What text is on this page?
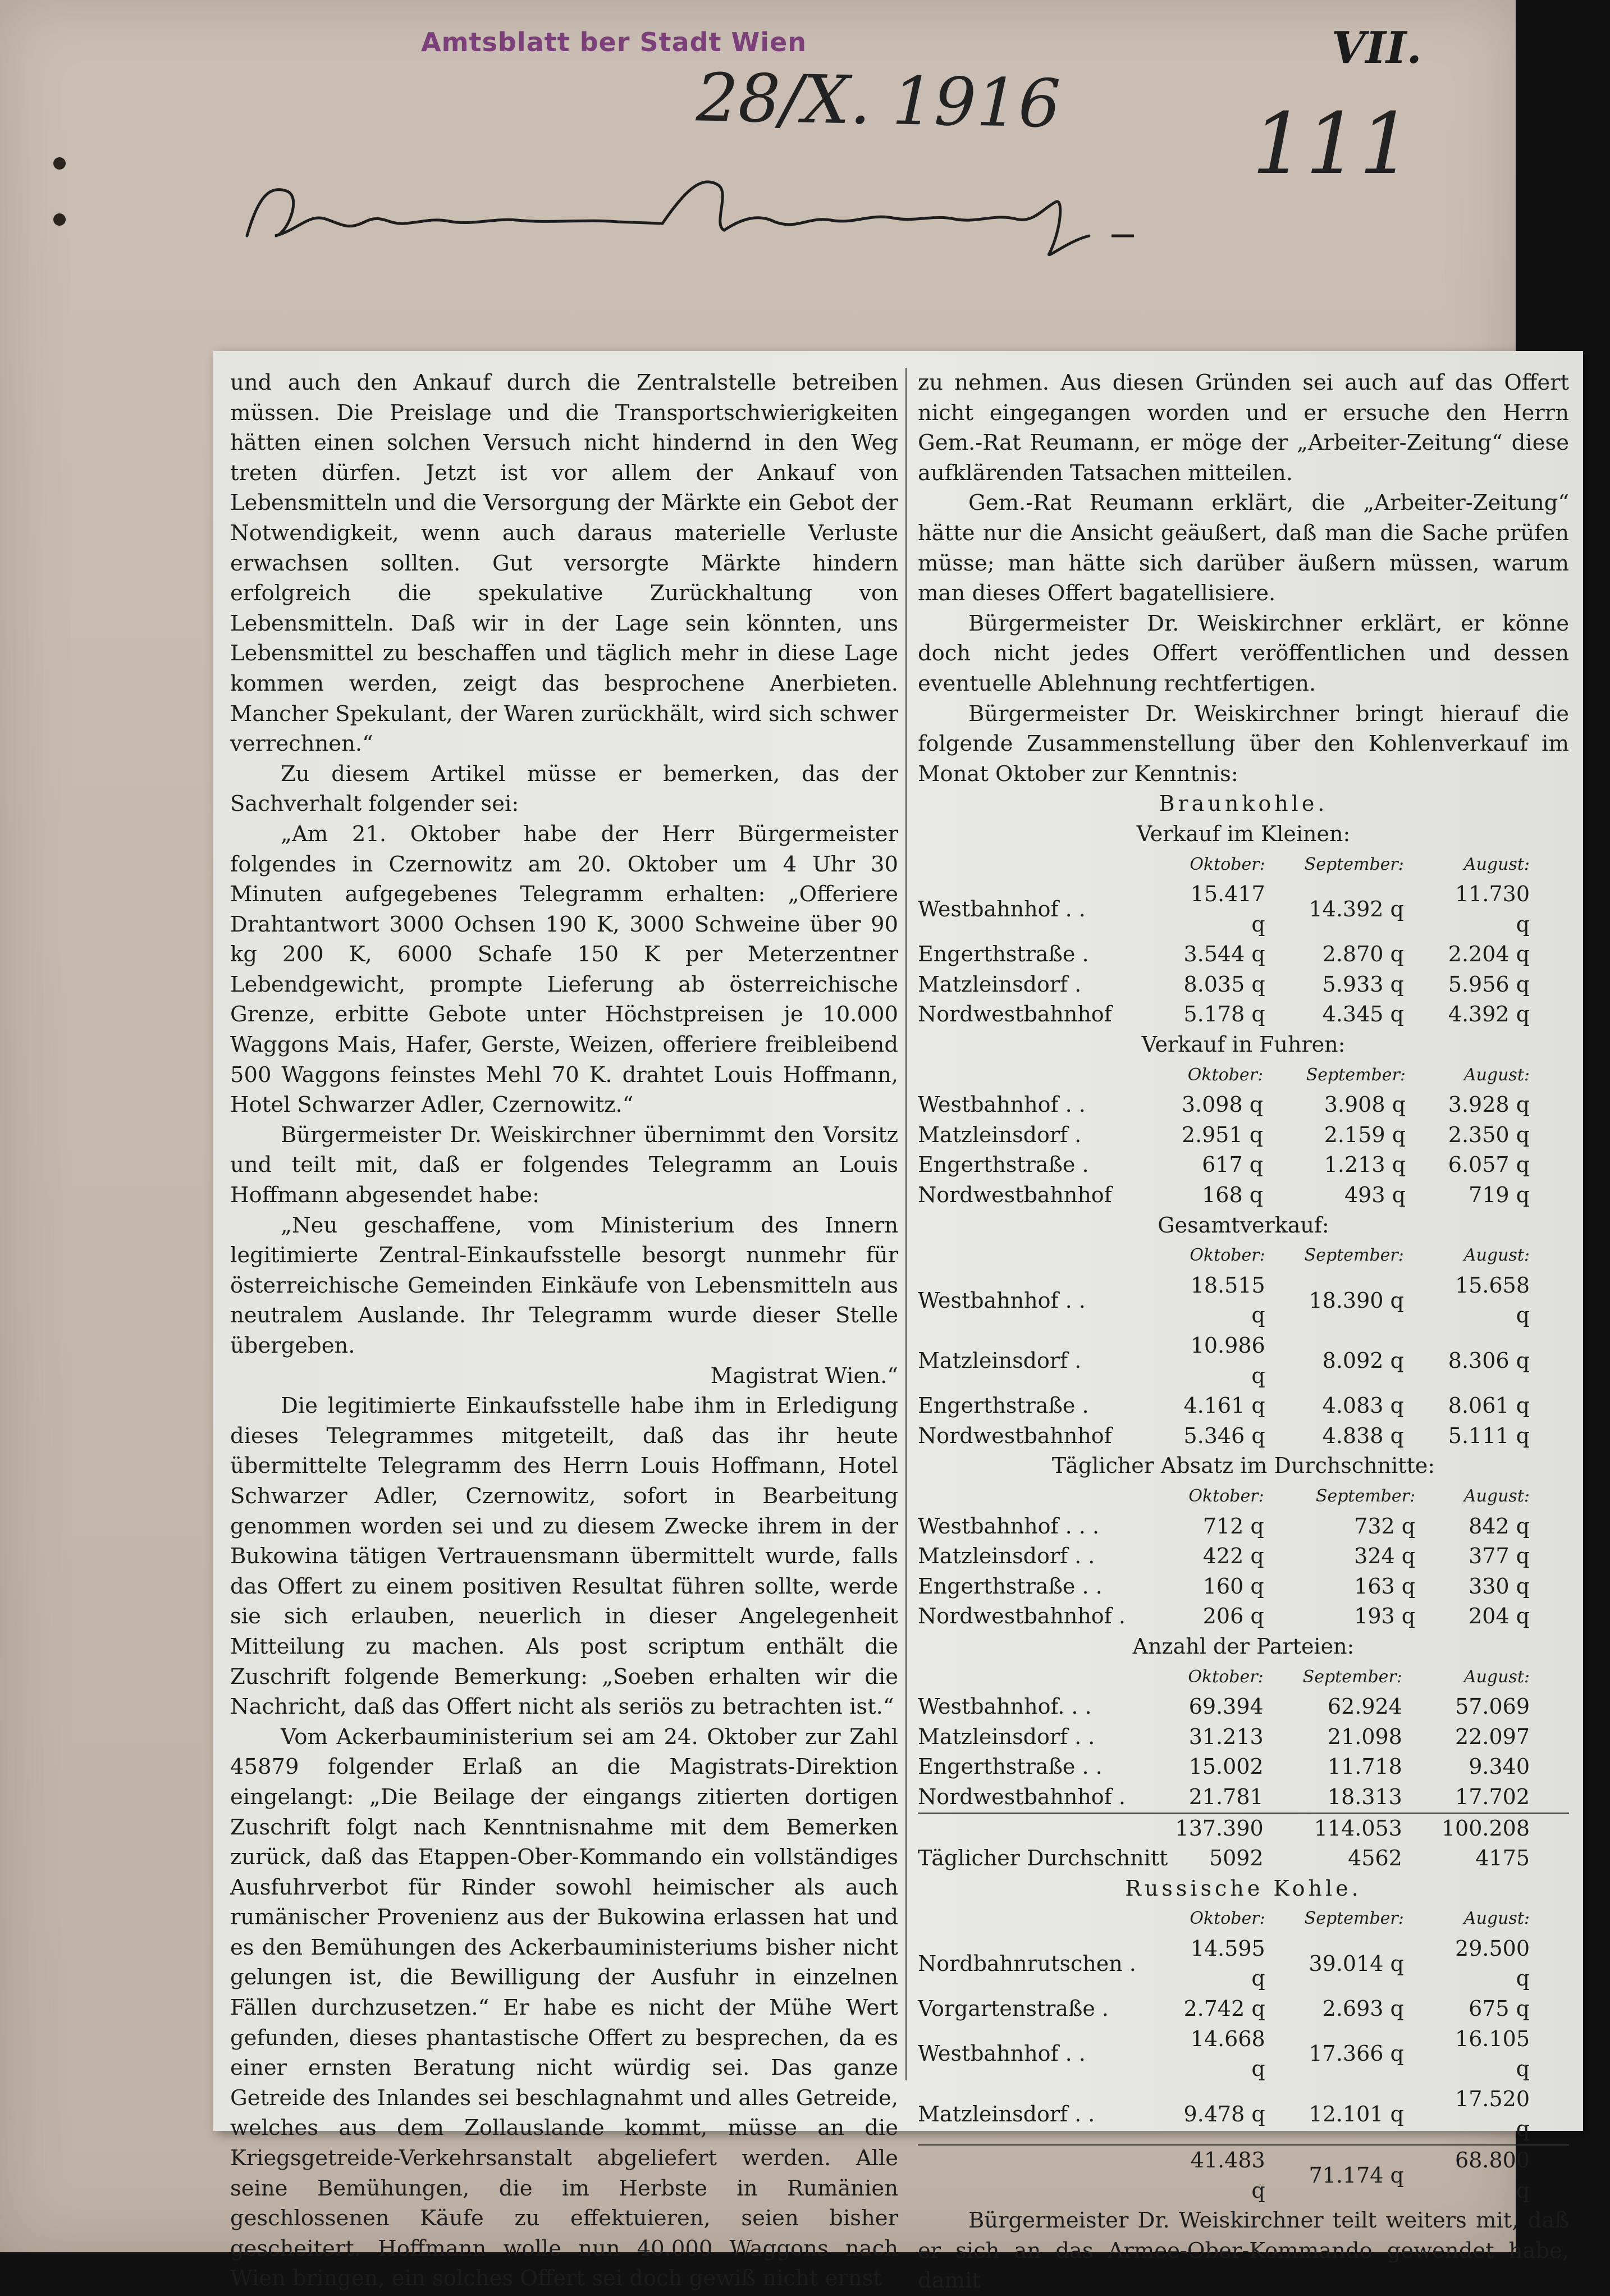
Amtsblatt ber Stadt Wien	VII.
28/X. 1916 111

und auch den Ankauf durch die Zentralstelle betreiben müssen. Die Preislage und die Transportschwierigkeiten hätten einen solchen Versuch nicht hindernd in den Weg treten dürfen. Jetzt ist vor allem der Ankauf von Lebensmitteln und die Versorgung der Märkte ein Gebot der Notwendigkeit, wenn auch daraus materielle Verluste erwachsen sollten. Gut versorgte Märkte hindern erfolgreich die spekulative Zurückhaltung von Lebensmitteln. Daß wir in der Lage sein könnten, uns Lebensmittel zu beschaffen und täglich mehr in diese Lage kommen werden, zeigt das besprochene Anerbieten. Mancher Spekulant, der Waren zurückhält, wird sich schwer verrechnen.“

Zu diesem Artikel müsse er bemerken, das der Sachverhalt folgender sei:

„Am 21. Oktober habe der Herr Bürgermeister folgendes in Czernowitz am 20. Oktober um 4 Uhr 30 Minuten aufgegebenes Telegramm erhalten: „Offeriere Drahtantwort 3000 Ochsen 190 K, 3000 Schweine über 90 kg 200 K, 6000 Schafe 150 K per Meterzentner Lebendgewicht, prompte Lieferung ab österreichische Grenze, erbitte Gebote unter Höchstpreisen je 10.000 Waggons Mais, Hafer, Gerste, Weizen, offeriere freibleibend 500 Waggons feinstes Mehl 70 K. drahtet Louis Hoffmann, Hotel Schwarzer Adler, Czernowitz.“

Bürgermeister Dr. Weiskirchner übernimmt den Vorsitz und teilt mit, daß er folgendes Telegramm an Louis Hoffmann abgesendet habe:

„Neu geschaffene, vom Ministerium des Innern legitimierte Zentral-Einkaufsstelle besorgt nunmehr für österreichische Gemeinden Einkäufe von Lebensmitteln aus neutralem Auslande. Ihr Telegramm wurde dieser Stelle übergeben.

Magistrat Wien.“

Die legitimierte Einkaufsstelle habe ihm in Erledigung dieses Telegrammes mitgeteilt, daß das ihr heute übermittelte Telegramm des Herrn Louis Hoffmann, Hotel Schwarzer Adler, Czernowitz, sofort in Bearbeitung genommen worden sei und zu diesem Zwecke ihrem in der Bukowina tätigen Vertrauensmann übermittelt wurde, falls das Offert zu einem positiven Resultat führen sollte, werde sie sich erlauben, neuerlich in dieser Angelegenheit Mitteilung zu machen. Als post scriptum enthält die Zuschrift folgende Bemerkung: „Soeben erhalten wir die Nachricht, daß das Offert nicht als seriös zu betrachten ist.“

Vom Ackerbauministerium sei am 24. Oktober zur Zahl 45879 folgender Erlaß an die Magistrats-Direktion eingelangt: „Die Beilage der eingangs zitierten dortigen Zuschrift folgt nach Kenntnisnahme mit dem Bemerken zurück, daß das Etappen-Ober-Kommando ein vollständiges Ausfuhrverbot für Rinder sowohl heimischer als auch rumänischer Provenienz aus der Bukowina erlassen hat und es den Bemühungen des Ackerbauministeriums bisher nicht gelungen ist, die Bewilligung der Ausfuhr in einzelnen Fällen durchzusetzen.“ Er habe es nicht der Mühe Wert gefunden, dieses phantastische Offert zu besprechen, da es einer ernsten Beratung nicht würdig sei. Das ganze Getreide des Inlandes sei beschlagnahmt und alles Getreide, welches aus dem Zollauslande kommt, müsse an die Kriegsgetreide-Verkehrsanstalt abgeliefert werden. Alle seine Bemühungen, die im Herbste in Rumänien geschlossenen Käufe zu effektuieren, seien bisher gescheitert. Hoffmann wolle nun 40.000 Waggons nach Wien bringen, ein solches Offert sei doch gewiß nicht ernst

zu nehmen. Aus diesen Gründen sei auch auf das Offert nicht eingegangen worden und er ersuche den Herrn Gem.-Rat Reumann, er möge der „Arbeiter-Zeitung“ diese aufklärenden Tatsachen mitteilen.

Gem.-Rat Reumann erklärt, die „Arbeiter-Zeitung“ hätte nur die Ansicht geäußert, daß man die Sache prüfen müsse; man hätte sich darüber äußern müssen, warum man dieses Offert bagatellisiere.

Bürgermeister Dr. Weiskirchner erklärt, er könne doch nicht jedes Offert veröffentlichen und dessen eventuelle Ablehnung rechtfertigen.

Bürgermeister Dr. Weiskirchner bringt hierauf die folgende Zusammenstellung über den Kohlenverkauf im Monat Oktober zur Kenntnis:

Braunkohle.
Verkauf im Kleinen:
	Oktober:	September:	August:
Westbahnhof . .	15.417 q	14.392 q	11.730 q
Engerthstraße .	3.544 q	2.870 q	2.204 q
Matzleinsdorf .	8.035 q	5.933 q	5.956 q
Nordwestbahnhof	5.178 q	4.345 q	4.392 q
Verkauf in Fuhren:
	Oktober:	September:	August:
Westbahnhof . .	3.098 q	3.908 q	3.928 q
Matzleinsdorf .	2.951 q	2.159 q	2.350 q
Engerthstraße .	617 q	1.213 q	6.057 q
Nordwestbahnhof	168 q	493 q	719 q
Gesamtverkauf:
	Oktober:	September:	August:
Westbahnhof . .	18.515 q	18.390 q	15.658 q
Matzleinsdorf .	10.986 q	8.092 q	8.306 q
Engerthstraße .	4.161 q	4.083 q	8.061 q
Nordwestbahnhof	5.346 q	4.838 q	5.111 q
Täglicher Absatz im Durchschnitte:
	Oktober:	September:	August:
Westbahnhof . . .	712 q	732 q	842 q
Matzleinsdorf . .	422 q	324 q	377 q
Engerthstraße . .	160 q	163 q	330 q
Nordwestbahnhof .	206 q	193 q	204 q
Anzahl der Parteien:
	Oktober:	September:	August:
Westbahnhof. . .	69.394	62.924	57.069
Matzleinsdorf . .	31.213	21.098	22.097
Engerthstraße . .	15.002	11.718	9.340
Nordwestbahnhof .	21.781	18.313	17.702
	137.390	114.053	100.208
Täglicher Durchschnitt	5092	4562	4175
Russische Kohle.
	Oktober:	September:	August:
Nordbahnrutschen .	14.595 q	39.014 q	29.500 q
Vorgartenstraße .	2.742 q	2.693 q	675 q
Westbahnhof . .	14.668 q	17.366 q	16.105 q
Matzleinsdorf . .	9.478 q	12.101 q	17.520 q
	41.483 q	71.174 q	68.800 q

Bürgermeister Dr. Weiskirchner teilt weiters mit, daß er sich an das Armee-Ober-Kommando gewendet habe, damit
